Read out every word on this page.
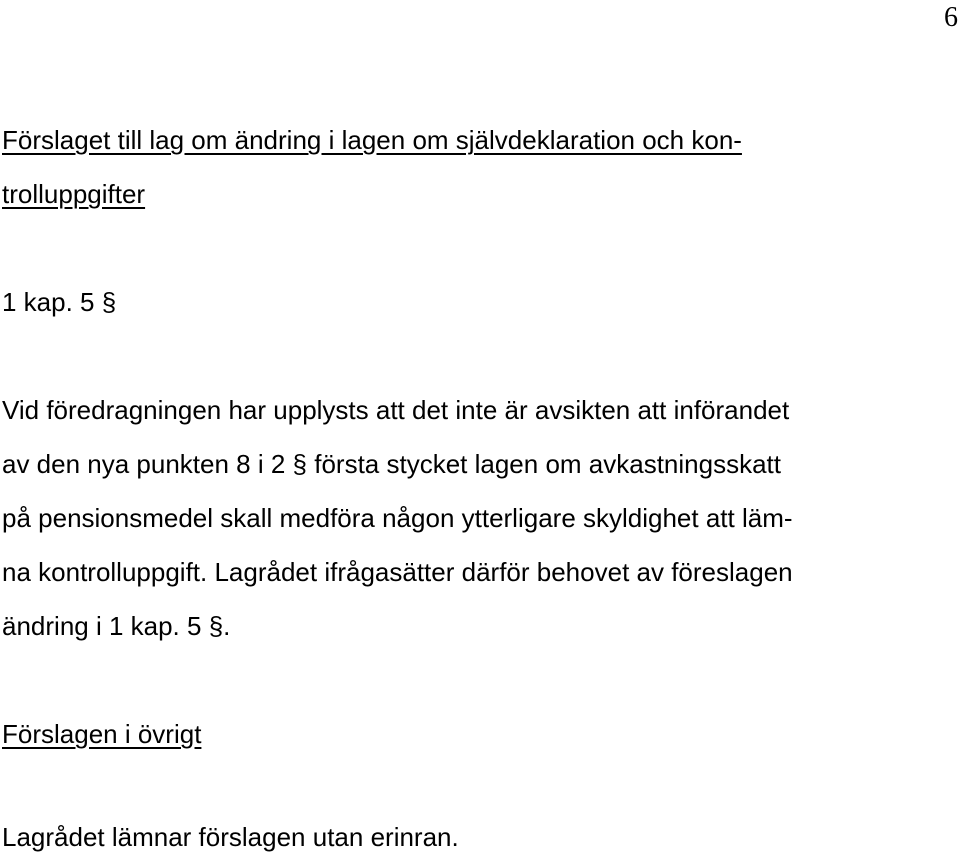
6

Förslaget till lag om ändring i lagen om självdeklaration och kon-
trolluppgifter

1 kap. 5 §

Vid föredragningen har upplysts att det inte är avsikten att införandet
av den nya punkten 8 i 2 § första stycket lagen om avkastningsskatt
på pensionsmedel skall medföra någon ytterligare skyldighet att läm-
na kontrolluppgift. Lagrådet ifrågasätter därför behovet av föreslagen
ändring i 1 kap. 5 §.

Förslagen i övrigt

Lagrådet lämnar förslagen utan erinran.
